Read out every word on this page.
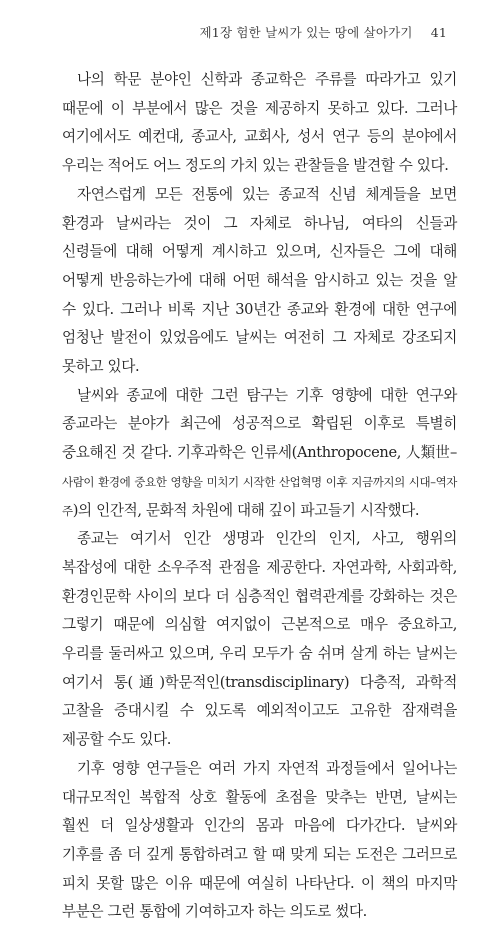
제1장 험한 날씨가 있는 땅에 살아가기 41

나의 학문 분야인 신학과 종교학은 주류를 따라가고 있기 때문에 이 부분에서 많은 것을 제공하지 못하고 있다. 그러나 여기에서도 예컨대, 종교사, 교회사, 성서 연구 등의 분야에서 우리는 적어도 어느 정도의 가치 있는 관찰들을 발견할 수 있다.

자연스럽게 모든 전통에 있는 종교적 신념 체계들을 보면 환경과 날씨라는 것이 그 자체로 하나님, 여타의 신들과 신령들에 대해 어떻게 계시하고 있으며, 신자들은 그에 대해 어떻게 반응하는가에 대해 어떤 해석을 암시하고 있는 것을 알 수 있다. 그러나 비록 지난 30년간 종교와 환경에 대한 연구에 엄청난 발전이 있었음에도 날씨는 여전히 그 자체로 강조되지 못하고 있다.

날씨와 종교에 대한 그런 탐구는 기후 영향에 대한 연구와 종교라는 분야가 최근에 성공적으로 확립된 이후로 특별히 중요해진 것 같다. 기후과학은 인류세(Anthropocene, 人類世–사람이 환경에 중요한 영향을 미치기 시작한 산업혁명 이후 지금까지의 시대–역자 주)의 인간적, 문화적 차원에 대해 깊이 파고들기 시작했다.

종교는 여기서 인간 생명과 인간의 인지, 사고, 행위의 복잡성에 대한 소우주적 관점을 제공한다. 자연과학, 사회과학, 환경인문학 사이의 보다 더 심층적인 협력관계를 강화하는 것은 그렇기 때문에 의심할 여지없이 근본적으로 매우 중요하고, 우리를 둘러싸고 있으며, 우리 모두가 숨 쉬며 살게 하는 날씨는 여기서 통(通)학문적인(transdisciplinary) 다층적, 과학적 고찰을 증대시킬 수 있도록 예외적이고도 고유한 잠재력을 제공할 수도 있다.

기후 영향 연구들은 여러 가지 자연적 과정들에서 일어나는 대규모적인 복합적 상호 활동에 초점을 맞추는 반면, 날씨는 훨씬 더 일상생활과 인간의 몸과 마음에 다가간다. 날씨와 기후를 좀 더 깊게 통합하려고 할 때 맞게 되는 도전은 그러므로 피치 못할 많은 이유 때문에 여실히 나타난다. 이 책의 마지막 부분은 그런 통합에 기여하고자 하는 의도로 썼다.
